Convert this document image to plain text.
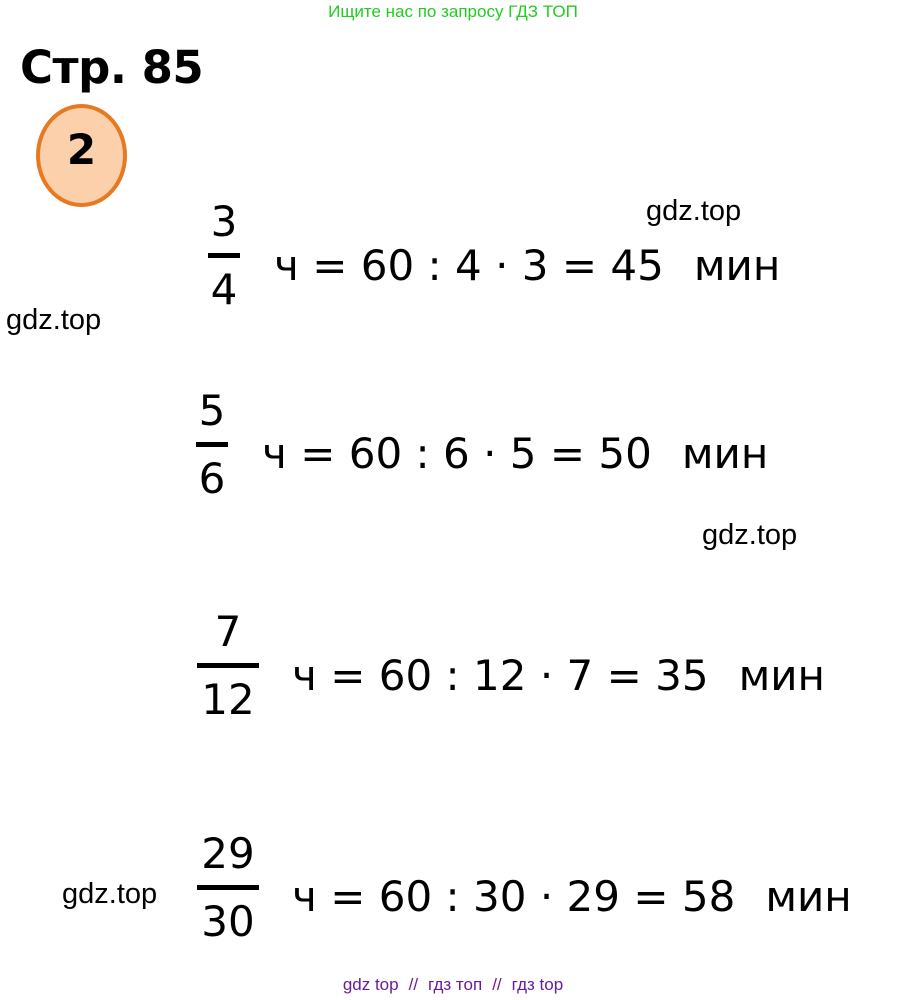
Ищите нас по запросу ГДЗ ТОП
Стр. 85
2
gdz.top
gdz.top
gdz.top
gdz.top
3
4 ч = 60 : 4 · 3 = 45 мин
5
6
ч = 60 : 6 · 5 = 50 мин
7
12 ч = 60 : 12 · 7 = 35 мин
29
30
ч = 60 : 30 · 29 = 58 мин
gdz top // гдз топ // гдз top
